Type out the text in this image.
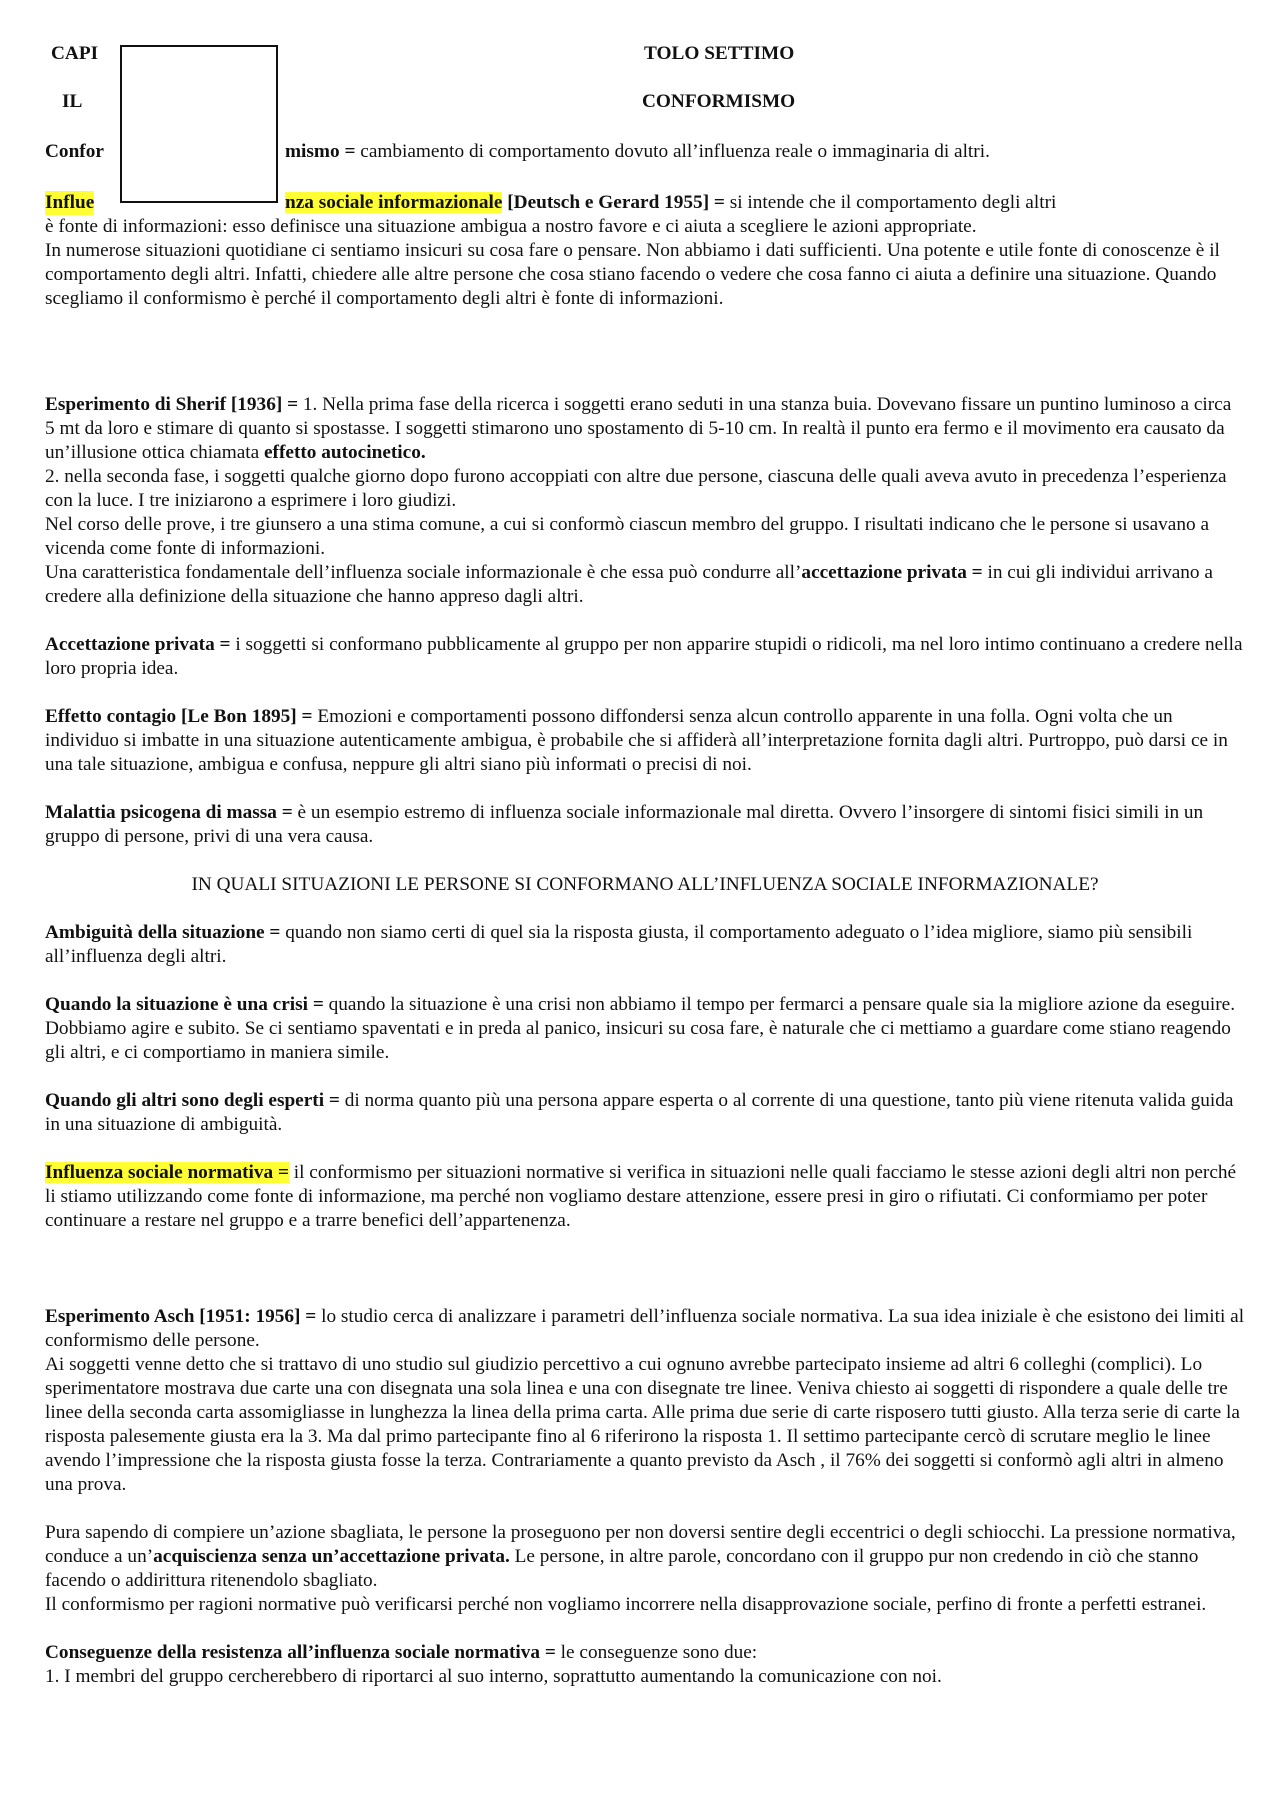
CAPI

	TOLO SETTIMO

IL

	CONFORMISMO

Confor

	mismo = cambiamento di comportamento dovuto all’influenza reale o immaginaria di altri.

Influe

	nza sociale informazionale [Deutsch e Gerard 1955] = si intende che il comportamento degli altri

è fonte di informazioni: esso definisce una situazione ambigua a nostro favore e ci aiuta a scegliere le azioni appropriate.

In numerose situazioni quotidiane ci sentiamo insicuri su cosa fare o pensare. Non abbiamo i dati sufficienti. Una potente e utile fonte di conoscenze è il comportamento degli altri. Infatti, chiedere alle altre persone che cosa stiano facendo o vedere che cosa fanno ci aiuta a definire una situazione. Quando scegliamo il conformismo è perché il comportamento degli altri è fonte di informazioni.

Esperimento di Sherif [1936] = 1. Nella prima fase della ricerca i soggetti erano seduti in una stanza buia. Dovevano fissare un puntino luminoso a circa 5 mt da loro e stimare di quanto si spostasse. I soggetti stimarono uno spostamento di 5-10 cm. In realtà il punto era fermo e il movimento era causato da un’illusione ottica chiamata effetto autocinetico.

2. nella seconda fase, i soggetti qualche giorno dopo furono accoppiati con altre due persone, ciascuna delle quali aveva avuto in precedenza l’esperienza con la luce. I tre iniziarono a esprimere i loro giudizi.

Nel corso delle prove, i tre giunsero a una stima comune, a cui si conformò ciascun membro del gruppo. I risultati indicano che le persone si usavano a vicenda come fonte di informazioni.

Una caratteristica fondamentale dell’influenza sociale informazionale è che essa può condurre all’accettazione privata = in cui gli individui arrivano a credere alla definizione della situazione che hanno appreso dagli altri.

Accettazione privata = i soggetti si conformano pubblicamente al gruppo per non apparire stupidi o ridicoli, ma nel loro intimo continuano a credere nella loro propria idea.

Effetto contagio [Le Bon 1895] = Emozioni e comportamenti possono diffondersi senza alcun controllo apparente in una folla. Ogni volta che un individuo si imbatte in una situazione autenticamente ambigua, è probabile che si affiderà all’interpretazione fornita dagli altri. Purtroppo, può darsi ce in una tale situazione, ambigua e confusa, neppure gli altri siano più informati o precisi di noi.

Malattia psicogena di massa = è un esempio estremo di influenza sociale informazionale mal diretta. Ovvero l’insorgere di sintomi fisici simili in un gruppo di persone, privi di una vera causa.

IN QUALI SITUAZIONI LE PERSONE SI CONFORMANO ALL’INFLUENZA SOCIALE INFORMAZIONALE?

Ambiguità della situazione = quando non siamo certi di quel sia la risposta giusta, il comportamento adeguato o l’idea migliore, siamo più sensibili all’influenza degli altri.

Quando la situazione è una crisi = quando la situazione è una crisi non abbiamo il tempo per fermarci a pensare quale sia la migliore azione da eseguire. Dobbiamo agire e subito. Se ci sentiamo spaventati e in preda al panico, insicuri su cosa fare, è naturale che ci mettiamo a guardare come stiano reagendo gli altri, e ci comportiamo in maniera simile.

Quando gli altri sono degli esperti = di norma quanto più una persona appare esperta o al corrente di una questione, tanto più viene ritenuta valida guida in una situazione di ambiguità.

Influenza sociale normativa = il conformismo per situazioni normative si verifica in situazioni nelle quali facciamo le stesse azioni degli altri non perché li stiamo utilizzando come fonte di informazione, ma perché non vogliamo destare attenzione, essere presi in giro o rifiutati. Ci conformiamo per poter continuare a restare nel gruppo e a trarre benefici dell’appartenenza.

Esperimento Asch [1951: 1956] = lo studio cerca di analizzare i parametri dell’influenza sociale normativa. La sua idea iniziale è che esistono dei limiti al conformismo delle persone.

Ai soggetti venne detto che si trattavo di uno studio sul giudizio percettivo a cui ognuno avrebbe partecipato insieme ad altri 6 colleghi (complici). Lo sperimentatore mostrava due carte una con disegnata una sola linea e una con disegnate tre linee. Veniva chiesto ai soggetti di rispondere a quale delle tre linee della seconda carta assomigliasse in lunghezza la linea della prima carta. Alle prima due serie di carte risposero tutti giusto. Alla terza serie di carte la risposta palesemente giusta era la 3. Ma dal primo partecipante fino al 6 riferirono la risposta 1. Il settimo partecipante cercò di scrutare meglio le linee avendo l’impressione che la risposta giusta fosse la terza. Contrariamente a quanto previsto da Asch , il 76% dei soggetti si conformò agli altri in almeno una prova.

Pura sapendo di compiere un’azione sbagliata, le persone la proseguono per non doversi sentire degli eccentrici o degli schiocchi. La pressione normativa, conduce a un’acquiscienza senza un’accettazione privata. Le persone, in altre parole, concordano con il gruppo pur non credendo in ciò che stanno facendo o addirittura ritenendolo sbagliato.

Il conformismo per ragioni normative può verificarsi perché non vogliamo incorrere nella disapprovazione sociale, perfino di fronte a perfetti estranei.

Conseguenze della resistenza all’influenza sociale normativa = le conseguenze sono due:

1. I membri del gruppo cercherebbero di riportarci al suo interno, soprattutto aumentando la comunicazione con noi.
